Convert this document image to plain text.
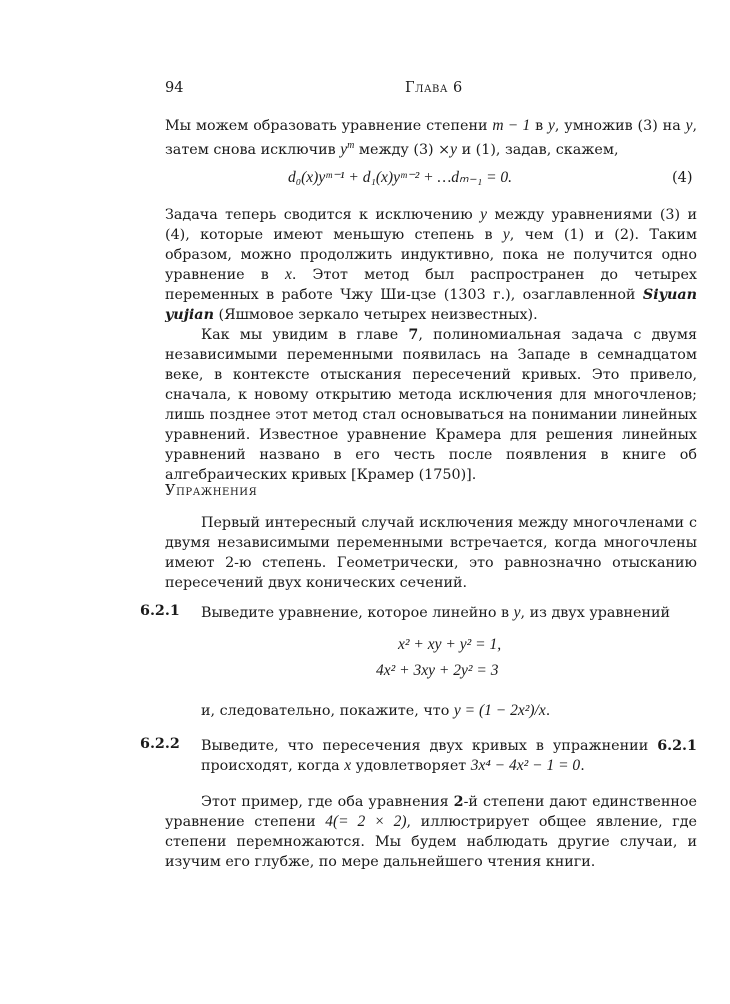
94	Глава 6
Мы можем образовать уравнение степени m − 1 в y, умножив (3) на y, затем снова исключив $y^m$ между (3) ×y и (1), задав, скажем,
d₀(x)yᵐ⁻¹ + d₁(x)yᵐ⁻² + …dₘ₋₁ = 0.	(4)
Задача теперь сводится к исключению y между уравнениями (3) и (4), которые имеют меньшую степень в y, чем (1) и (2). Таким образом, можно продолжить индуктивно, пока не получится одно уравнение в x. Этот метод был распространен до четырех переменных в работе Чжу Ши-цзе (1303 г.), озаглавленной Siyuan yujian (Яшмовое зеркало четырех неизвестных).
Как мы увидим в главе 7, полиномиальная задача с двумя независимыми переменными появилась на Западе в семнадцатом веке, в контексте отыскания пересечений кривых. Это привело, сначала, к новому открытию метода исключения для многочленов; лишь позднее этот метод стал основываться на понимании линейных уравнений. Известное уравнение Крамера для решения линейных уравнений названо в его честь после появления в книге об алгебраических кривых [Крамер (1750)].
Упражнения
Первый интересный случай исключения между многочленами с двумя независимыми переменными встречается, когда многочлены имеют 2-ю степень. Геометрически, это равнозначно отысканию пересечений двух конических сечений.
6.2.1 Выведите уравнение, которое линейно в y, из двух уравнений
x² + xy + y² = 1,
4x² + 3xy + 2y² = 3
и, следовательно, покажите, что y = (1 − 2x²)/x.
6.2.2 Выведите, что пересечения двух кривых в упражнении 6.2.1 происходят, когда x удовлетворяет 3x⁴ − 4x² − 1 = 0.
Этот пример, где оба уравнения 2-й степени дают единственное уравнение степени 4(= 2 × 2), иллюстрирует общее явление, где степени перемножаются. Мы будем наблюдать другие случаи, и изучим его глубже, по мере дальнейшего чтения книги.
